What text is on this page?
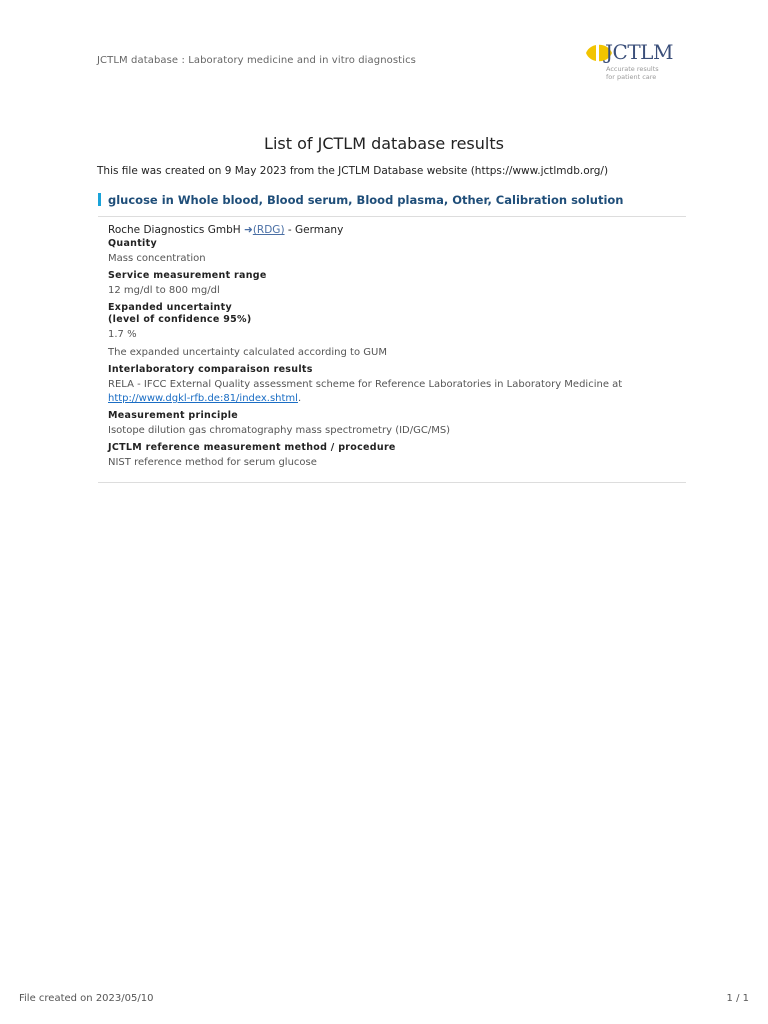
JCTLM database : Laboratory medicine and in vitro diagnostics	JCTLM
Accurate results
for patient care
List of JCTLM database results
This file was created on 9 May 2023 from the JCTLM Database website (https://www.jctlmdb.org/)
glucose in Whole blood, Blood serum, Blood plasma, Other, Calibration solution
Roche Diagnostics GmbH ➜(RDG) - Germany
Quantity
Mass concentration
Service measurement range
12 mg/dl to 800 mg/dl
Expanded uncertainty
(level of confidence 95%)
1.7 %
The expanded uncertainty calculated according to GUM
Interlaboratory comparaison results
RELA - IFCC External Quality assessment scheme for Reference Laboratories in Laboratory Medicine at
http://www.dgkl-rfb.de:81/index.shtml.
Measurement principle
Isotope dilution gas chromatography mass spectrometry (ID/GC/MS)
JCTLM reference measurement method / procedure
NIST reference method for serum glucose
File created on 2023/05/10	1 / 1
